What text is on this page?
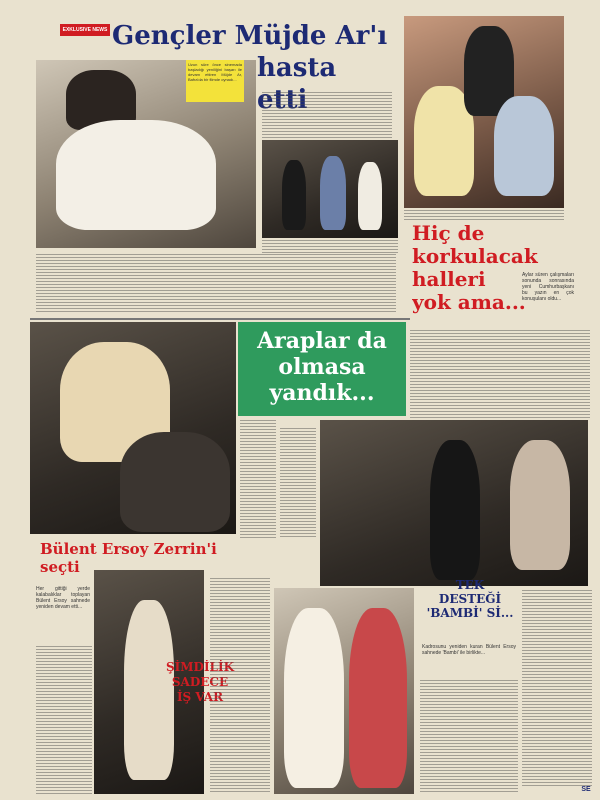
Uzun süre önce sinemada başladığı yeniliğini başarı ile devam ettiren Müjde Ar, Bafra'da bir filmde oynadı...
EXKLUSIVE NEWS Gençler Müjde Ar'ı
hasta
etti
Hiç de
korkulacak
halleri
yok ama...
Aylar süren çalışmaları sonunda sonrasında yeni Cumhurbaşkanı bu yazın en çok konuşulanı oldu...
Araplar da
olmasa
yandık...
Bülent Ersoy Zerrin'i
seçti
Her gittiği yerde kalabalıklar toplayan Bülent Ersoy sahnede yeniden devam etti...
ŞİMDİLİK
SADECE
İŞ VAR
TEK
DESTEĞİ
'BAMBİ' Sİ...
Kadrosunu yeniden kuran Bülent Ersoy sahnede 'Bambi' ile birlikte...
SE
